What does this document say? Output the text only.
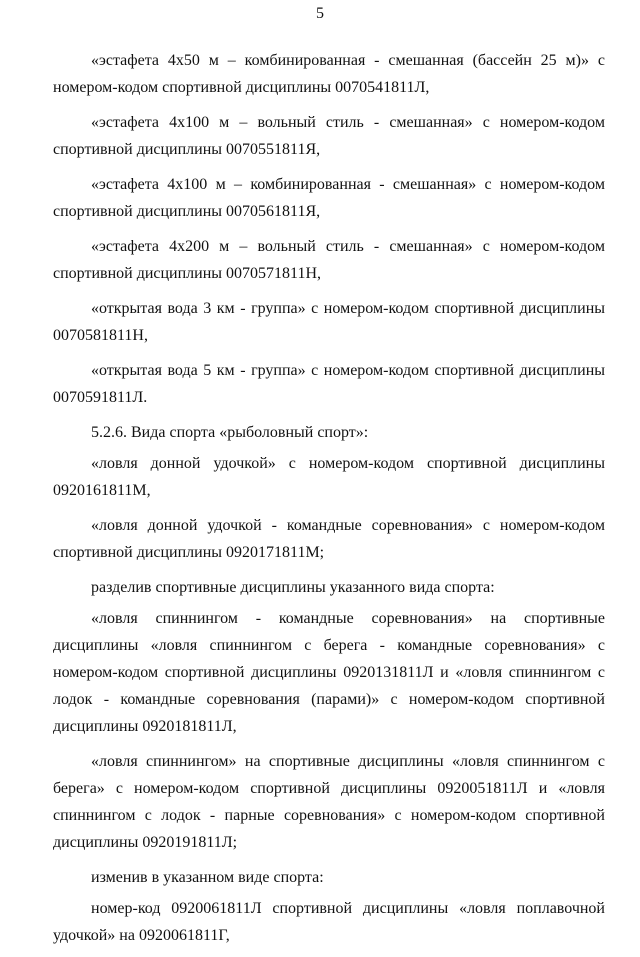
5

«эстафета 4х50 м – комбинированная - смешанная (бассейн 25 м)» с номером-кодом спортивной дисциплины 0070541811Л,

«эстафета 4х100 м – вольный стиль - смешанная» с номером-кодом спортивной дисциплины 0070551811Я,

«эстафета 4х100 м – комбинированная - смешанная» с номером-кодом спортивной дисциплины 0070561811Я,

«эстафета 4х200 м – вольный стиль - смешанная» с номером-кодом спортивной дисциплины 0070571811Н,

«открытая вода 3 км - группа» с номером-кодом спортивной дисциплины 0070581811Н,

«открытая вода 5 км - группа» с номером-кодом спортивной дисциплины 0070591811Л.

5.2.6. Вида спорта «рыболовный спорт»:

«ловля донной удочкой» с номером-кодом спортивной дисциплины 0920161811М,

«ловля донной удочкой - командные соревнования» с номером-кодом спортивной дисциплины 0920171811М;

разделив спортивные дисциплины указанного вида спорта:

«ловля спиннингом - командные соревнования» на спортивные дисциплины «ловля спиннингом с берега - командные соревнования» с номером-кодом спортивной дисциплины 0920131811Л и «ловля спиннингом с лодок - командные соревнования (парами)» с номером-кодом спортивной дисциплины 0920181811Л,

«ловля спиннингом» на спортивные дисциплины «ловля спиннингом с берега» с номером-кодом спортивной дисциплины 0920051811Л и «ловля спиннингом с лодок - парные соревнования» с номером-кодом спортивной дисциплины 0920191811Л;

изменив в указанном виде спорта:

номер-код 0920061811Л спортивной дисциплины «ловля поплавочной удочкой» на 0920061811Г,
